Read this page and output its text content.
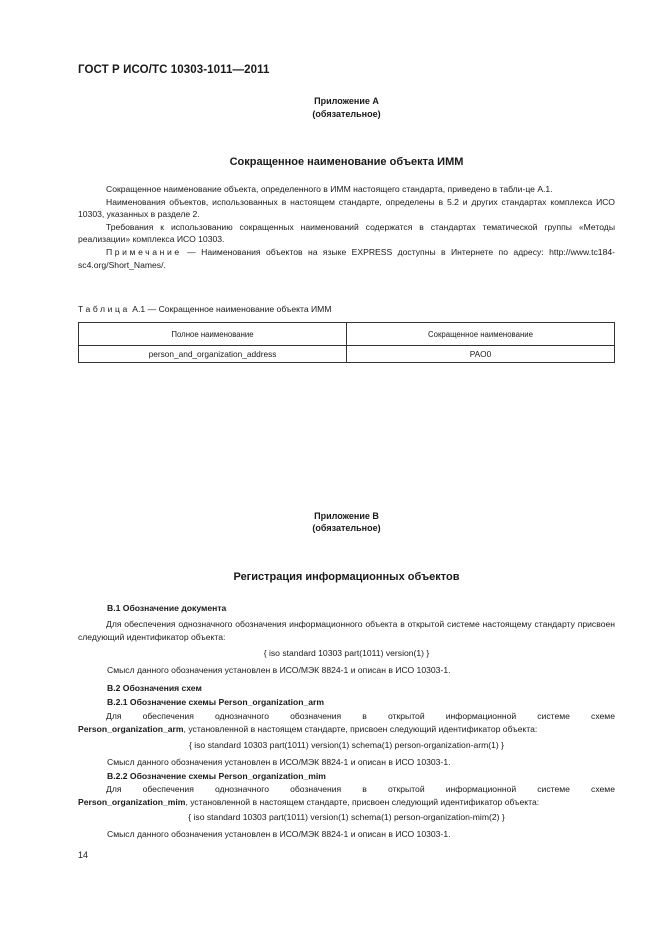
ГОСТ Р ИСО/ТС 10303-1011—2011
Приложение А
(обязательное)
Сокращенное наименование объекта ИММ

Сокращенное наименование объекта, определенного в ИММ настоящего стандарта, приведено в табли-це А.1.

Наименования объектов, использованных в настоящем стандарте, определены в 5.2 и других стандартах комплекса ИСО 10303, указанных в разделе 2.

Требования к использованию сокращенных наименований содержатся в стандартах тематической группы «Методы реализации» комплекса ИСО 10303.

Примечание — Наименования объектов на языке EXPRESS доступны в Интернете по адресу: http://www.tc184-sc4.org/Short_Names/.

Таблица А.1 — Сокращенное наименование объекта ИММ
Полное наименование	Сокращенное наименование
person_and_organization_address	PAO0
Приложение В
(обязательное)
Регистрация информационных объектов
В.1 Обозначение документа

Для обеспечения однозначного обозначения информационного объекта в открытой системе настоящему стандарту присвоен следующий идентификатор объекта:

{ iso standard 10303 part(1011) version(1) }
Смысл данного обозначения установлен в ИСО/МЭК 8824-1 и описан в ИСО 10303-1.
В.2 Обозначения схем
В.2.1 Обозначение схемы Person_organization_arm
Для обеспечения однозначного обозначения в открытой информационной системе схеме
Person_organization_arm, установленной в настоящем стандарте, присвоен следующий идентификатор объекта:
{ iso standard 10303 part(1011) version(1) schema(1) person-organization-arm(1) }
Смысл данного обозначения установлен в ИСО/МЭК 8824-1 и описан в ИСО 10303-1.
В.2.2 Обозначение схемы Person_organization_mim
Для обеспечения однозначного обозначения в открытой информационной системе схеме
Person_organization_mim, установленной в настоящем стандарте, присвоен следующий идентификатор объекта:
{ iso standard 10303 part(1011) version(1) schema(1) person-organization-mim(2) }
Смысл данного обозначения установлен в ИСО/МЭК 8824-1 и описан в ИСО 10303-1.
14
